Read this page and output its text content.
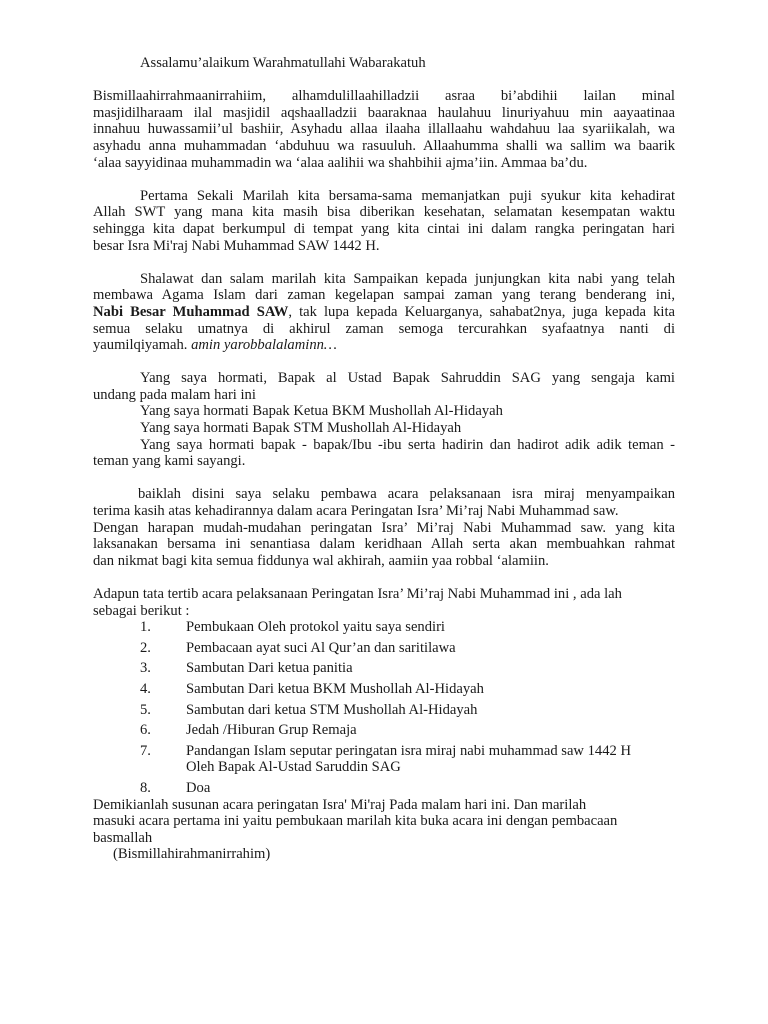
Assalamu’alaikum Warahmatullahi Wabarakatuh
Bismillaahirrahmaanirrahiim, alhamdulillaahilladzii asraa bi’abdihii lailan minal
masjidilharaam ilal masjidil aqshaalladzii baaraknaa haulahuu linuriyahuu min aayaatinaa
innahuu huwassamii’ul bashiir, Asyhadu allaa ilaaha illallaahu wahdahuu laa syariikalah, wa
asyhadu anna muhammadan ‘abduhuu wa rasuuluh. Allaahumma shalli wa sallim wa baarik
‘alaa sayyidinaa muhammadin wa ‘alaa aalihii wa shahbihii ajma’iin. Ammaa ba’du.
Pertama Sekali Marilah kita bersama-sama memanjatkan puji syukur kita kehadirat
Allah SWT yang mana kita masih bisa diberikan kesehatan, selamatan kesempatan waktu
sehingga kita dapat berkumpul di tempat yang kita cintai ini dalam rangka peringatan hari
besar Isra Mi'raj Nabi Muhammad SAW 1442 H.
Shalawat dan salam marilah kita Sampaikan kepada junjungkan kita nabi yang telah
membawa Agama Islam dari zaman kegelapan sampai zaman yang terang benderang ini,
Nabi Besar Muhammad SAW, tak lupa kepada Keluarganya, sahabat2nya, juga kepada kita
semua selaku umatnya di akhirul zaman semoga tercurahkan syafaatnya nanti di
yaumilqiyamah. amin yarobbalalaminn…
Yang saya hormati, Bapak al Ustad Bapak Sahruddin SAG yang sengaja kami
undang pada malam hari ini
Yang saya hormati Bapak Ketua BKM Mushollah Al-Hidayah
Yang saya hormati Bapak STM Mushollah Al-Hidayah
Yang saya hormati bapak - bapak/Ibu -ibu serta hadirin dan hadirot adik adik teman -
teman yang kami sayangi.
baiklah disini saya selaku pembawa acara pelaksanaan isra miraj menyampaikan
terima kasih atas kehadirannya dalam acara Peringatan Isra’ Mi’raj Nabi Muhammad saw.
Dengan harapan mudah-mudahan peringatan Isra’ Mi’raj Nabi Muhammad saw. yang kita
laksanakan bersama ini senantiasa dalam keridhaan Allah serta akan membuahkan rahmat
dan nikmat bagi kita semua fiddunya wal akhirah, aamiin yaa robbal ‘alamiin.
Adapun tata tertib acara pelaksanaan Peringatan Isra’ Mi’raj Nabi Muhammad ini , ada lah
sebagai berikut :
1.	Pembukaan Oleh protokol yaitu saya sendiri
2.	Pembacaan ayat suci Al Qur’an dan saritilawa
3.	Sambutan Dari ketua panitia
4.	Sambutan Dari ketua BKM Mushollah Al-Hidayah
5.	Sambutan dari ketua STM Mushollah Al-Hidayah
6.	Jedah /Hiburan Grup Remaja
7.	Pandangan Islam seputar peringatan isra miraj nabi muhammad saw 1442 H
Oleh Bapak Al-Ustad Saruddin SAG
8.	Doa
Demikianlah susunan acara peringatan Isra' Mi'raj Pada malam hari ini. Dan marilah
masuki acara pertama ini yaitu pembukaan marilah kita buka acara ini dengan pembacaan
basmallah
(Bismillahirahmanirrahim)
